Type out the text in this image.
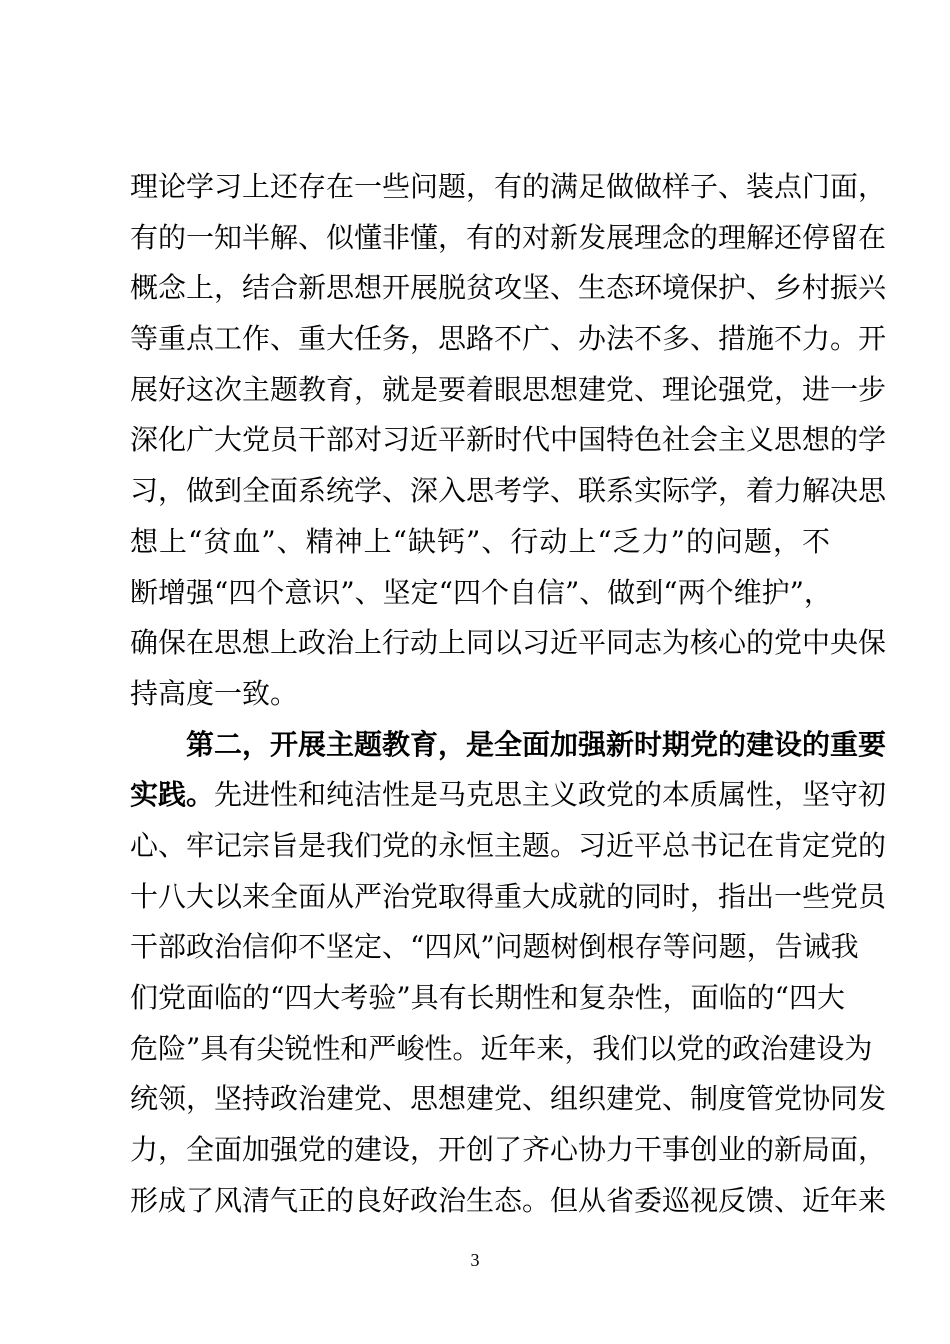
理论学习上还存在一些问题，有的满足做做样子、装点门面，
有的一知半解、似懂非懂，有的对新发展理念的理解还停留在
概念上，结合新思想开展脱贫攻坚、生态环境保护、乡村振兴
等重点工作、重大任务，思路不广、办法不多、措施不力。开
展好这次主题教育，就是要着眼思想建党、理论强党，进一步
深化广大党员干部对习近平新时代中国特色社会主义思想的学
习，做到全面系统学、深入思考学、联系实际学，着力解决思
想上“贫血”、精神上“缺钙”、行动上“乏力”的问题，不
断增强“四个意识”、坚定“四个自信”、做到“两个维护”，
确保在思想上政治上行动上同以习近平同志为核心的党中央保
持高度一致。
第二，开展主题教育，是全面加强新时期党的建设的重要
实践。先进性和纯洁性是马克思主义政党的本质属性，坚守初
心、牢记宗旨是我们党的永恒主题。习近平总书记在肯定党的
十八大以来全面从严治党取得重大成就的同时，指出一些党员
干部政治信仰不坚定、“四风”问题树倒根存等问题，告诫我
们党面临的“四大考验”具有长期性和复杂性，面临的“四大
危险”具有尖锐性和严峻性。近年来，我们以党的政治建设为
统领，坚持政治建党、思想建党、组织建党、制度管党协同发
力，全面加强党的建设，开创了齐心协力干事创业的新局面，
形成了风清气正的良好政治生态。但从省委巡视反馈、近年来
3
